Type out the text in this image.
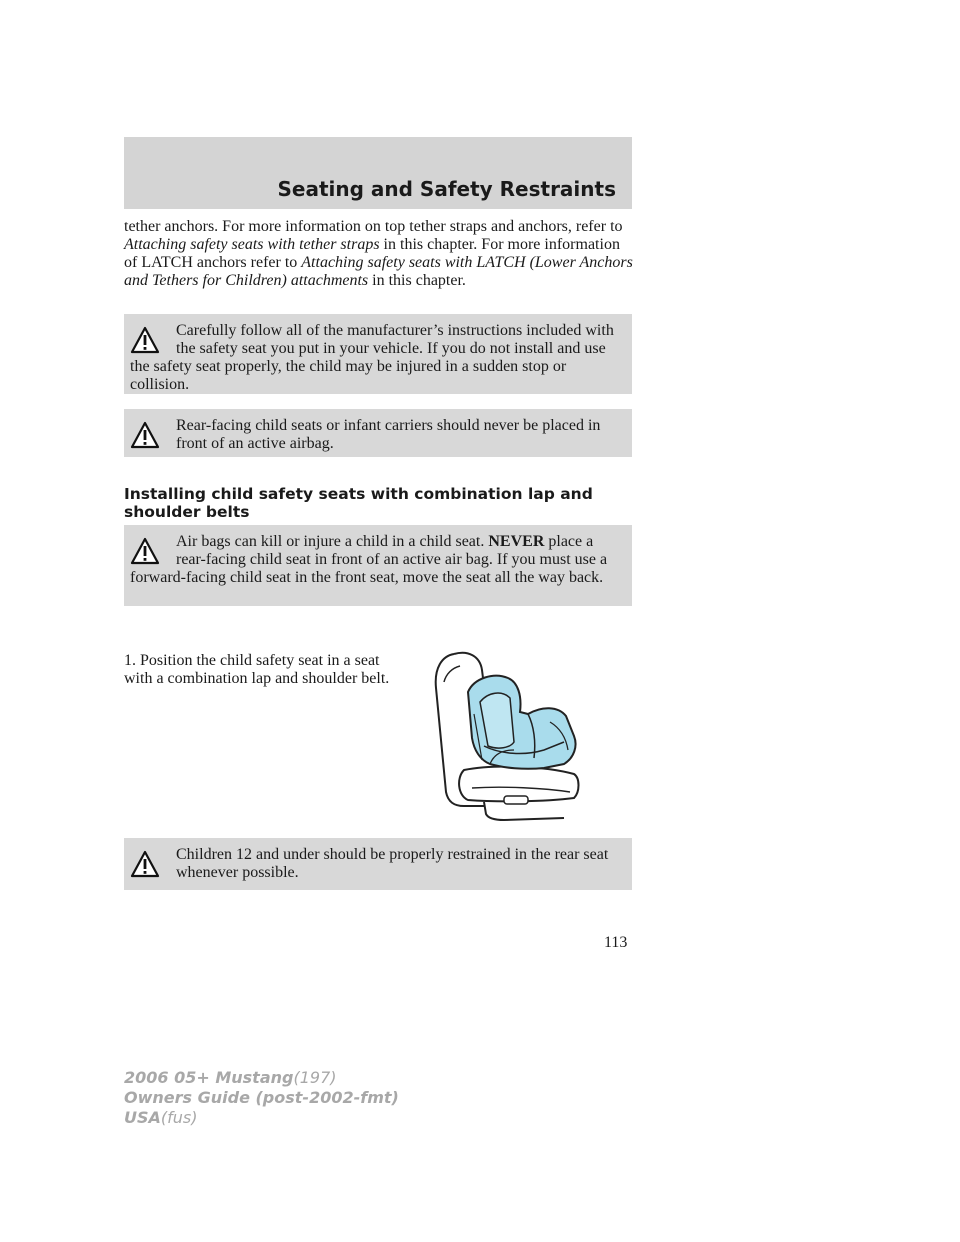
Seating and Safety Restraints
tether anchors. For more information on top tether straps and anchors, refer to Attaching safety seats with tether straps in this chapter. For more information of LATCH anchors refer to Attaching safety seats with LATCH (Lower Anchors and Tethers for Children) attachments in this chapter.
Carefully follow all of the manufacturer’s instructions included with the safety seat you put in your vehicle. If you do not install and use the safety seat properly, the child may be injured in a sudden stop or collision.
Rear-facing child seats or infant carriers should never be placed in front of an active airbag.
Installing child safety seats with combination lap and shoulder belts
Air bags can kill or injure a child in a child seat. NEVER place a rear-facing child seat in front of an active air bag. If you must use a forward-facing child seat in the front seat, move the seat all the way back.
1. Position the child safety seat in a seat with a combination lap and shoulder belt.
Children 12 and under should be properly restrained in the rear seat whenever possible.
113
2006 05+ Mustang(197)
Owners Guide (post-2002-fmt)
USA(fus)
